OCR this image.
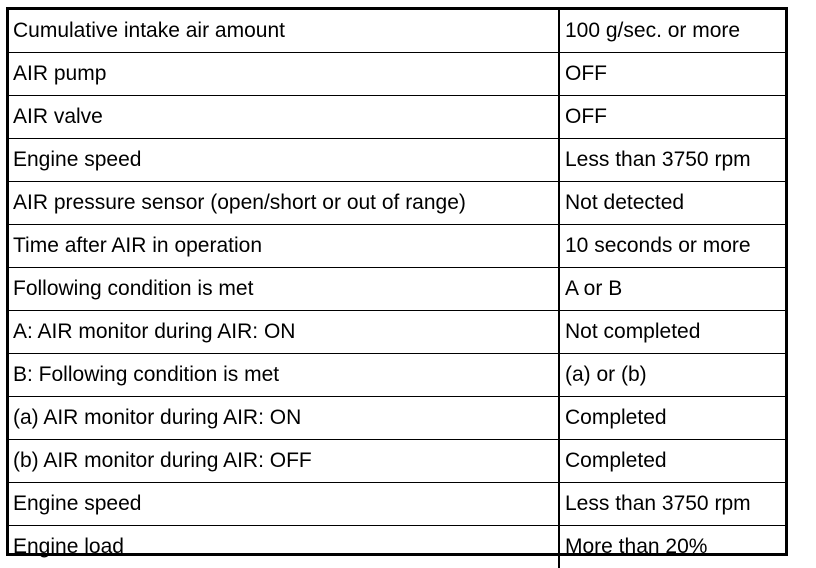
Cumulative intake air amount	100 g/sec. or more
AIR pump	OFF
AIR valve	OFF
Engine speed	Less than 3750 rpm
AIR pressure sensor (open/short or out of range)	Not detected
Time after AIR in operation	10 seconds or more
Following condition is met	A or B
A: AIR monitor during AIR: ON	Not completed
B: Following condition is met	(a) or (b)
(a) AIR monitor during AIR: ON	Completed
(b) AIR monitor during AIR: OFF	Completed
Engine speed	Less than 3750 rpm
Engine load	More than 20%
